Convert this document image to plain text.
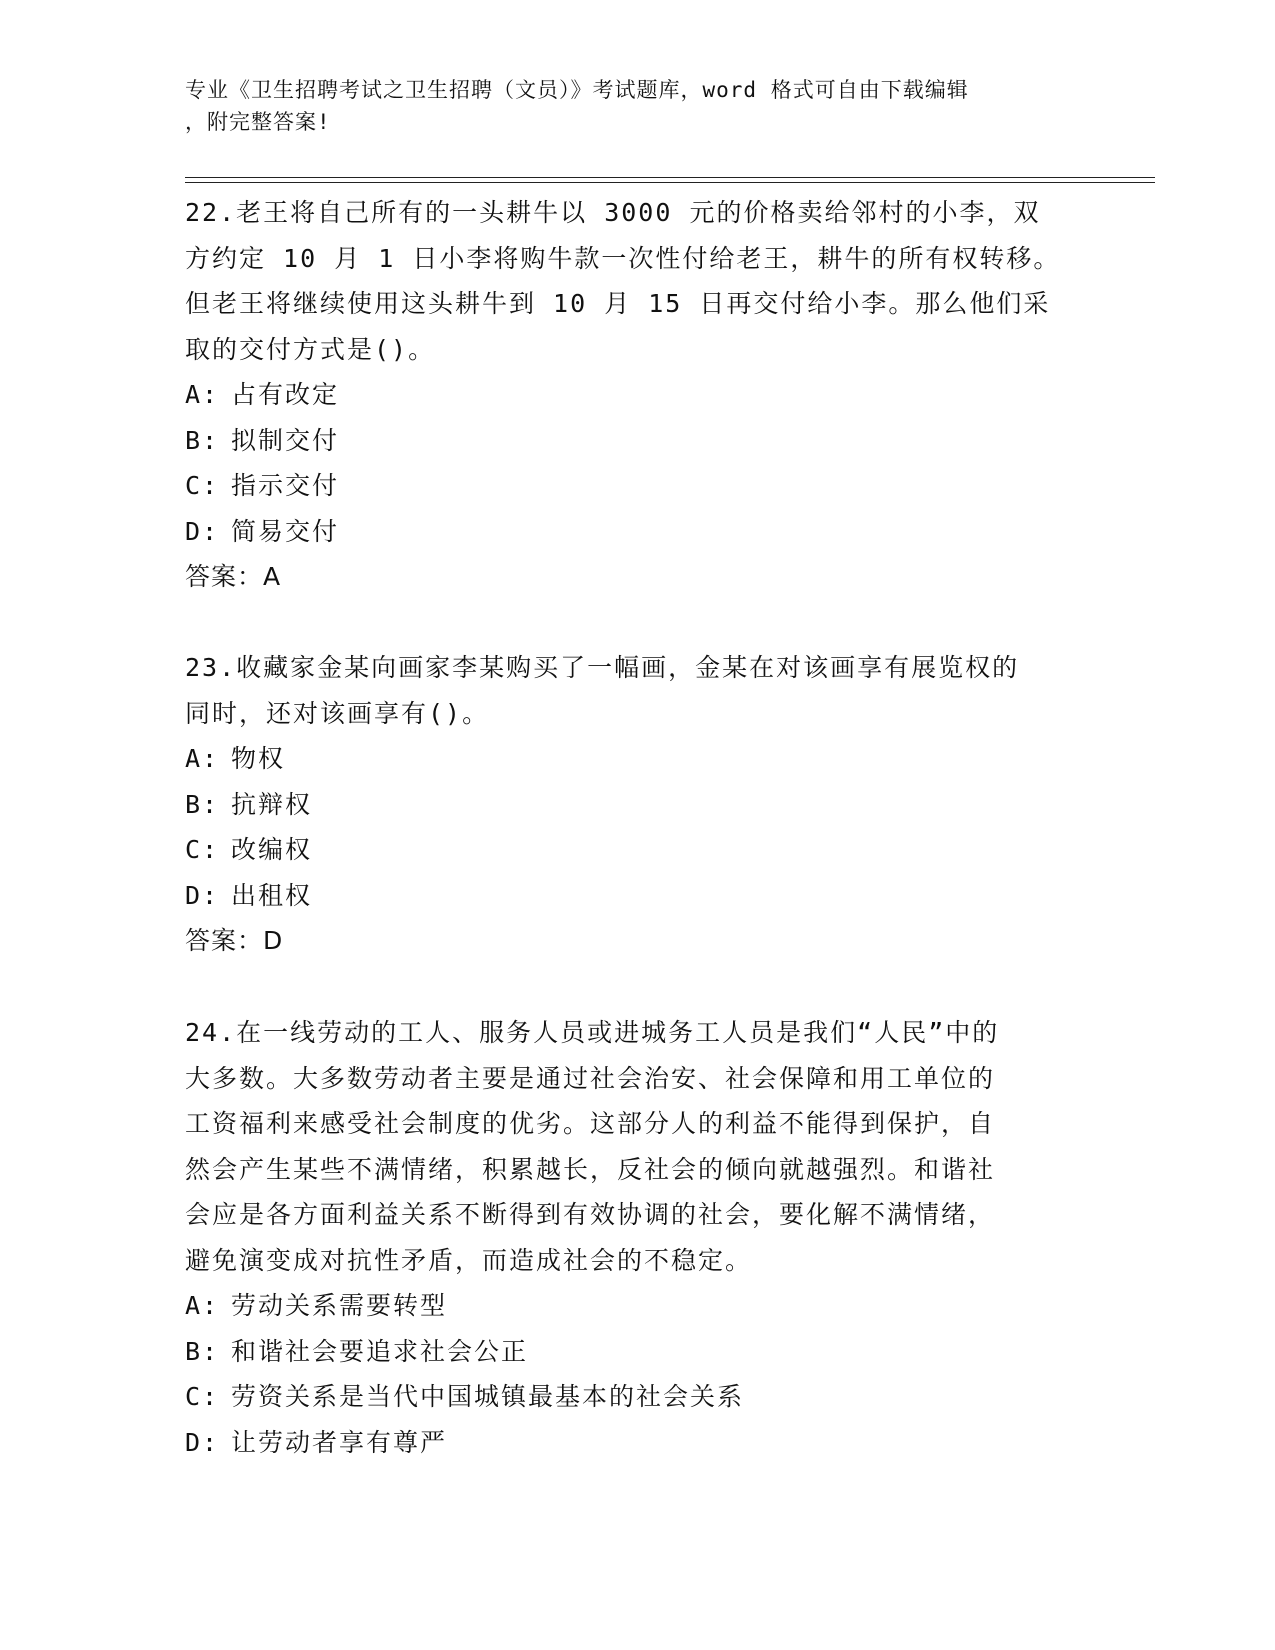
专业《卫生招聘考试之卫生招聘（文员）》考试题库，word 格式可自由下载编辑
，附完整答案!
22.老王将自己所有的一头耕牛以 3000 元的价格卖给邻村的小李，双
方约定 10 月 1 日小李将购牛款一次性付给老王，耕牛的所有权转移。
但老王将继续使用这头耕牛到 10 月 15 日再交付给小李。那么他们采
取的交付方式是()。
A: 占有改定
B: 拟制交付
C: 指示交付
D: 简易交付
答案：A
23.收藏家金某向画家李某购买了一幅画，金某在对该画享有展览权的
同时，还对该画享有()。
A: 物权
B: 抗辩权
C: 改编权
D: 出租权
答案：D
24.在一线劳动的工人、服务人员或进城务工人员是我们“人民”中的
大多数。大多数劳动者主要是通过社会治安、社会保障和用工单位的
工资福利来感受社会制度的优劣。这部分人的利益不能得到保护，自
然会产生某些不满情绪，积累越长，反社会的倾向就越强烈。和谐社
会应是各方面利益关系不断得到有效协调的社会，要化解不满情绪，
避免演变成对抗性矛盾，而造成社会的不稳定。
A: 劳动关系需要转型
B: 和谐社会要追求社会公正
C: 劳资关系是当代中国城镇最基本的社会关系
D: 让劳动者享有尊严
